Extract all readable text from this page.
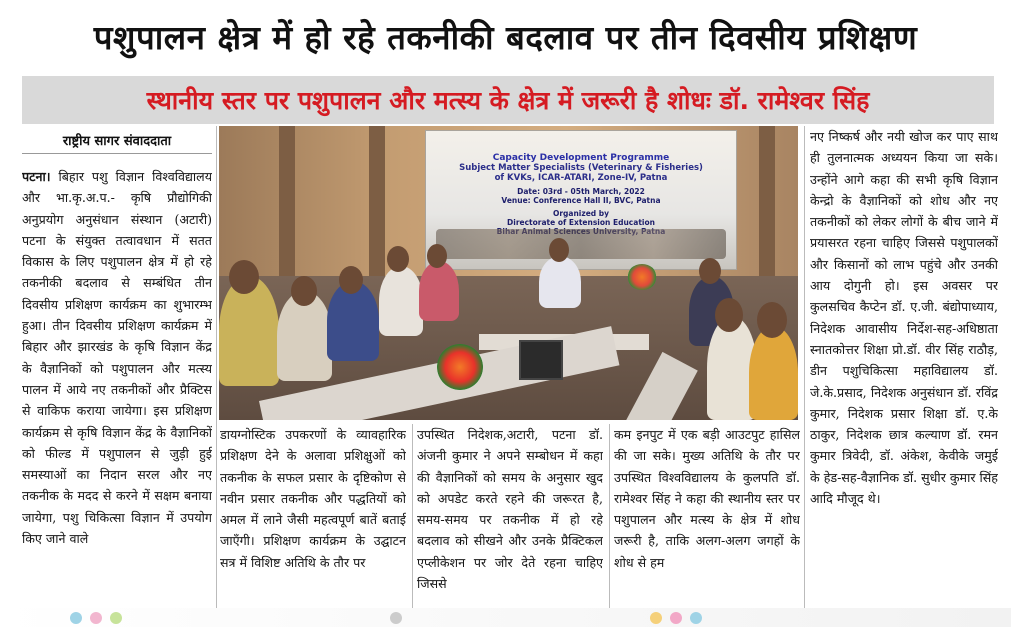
पशुपालन क्षेत्र में हो रहे तकनीकी बदलाव पर तीन दिवसीय प्रशिक्षण
स्थानीय स्तर पर पशुपालन और मत्स्य के क्षेत्र में जरूरी है शोधः डॉ. रामेश्वर सिंह
राष्ट्रीय सागर संवाददाता
पटना। बिहार पशु विज्ञान विश्वविद्यालय और भा.कृ.अ.प.- कृषि प्रौद्योगिकी अनुप्रयोग अनुसंधान संस्थान (अटारी) पटना के संयुक्त तत्वावधान में सतत विकास के लिए पशुपालन क्षेत्र में हो रहे तकनीकी बदलाव से सम्बंधित तीन दिवसीय प्रशिक्षण कार्यक्रम का शुभारम्भ हुआ। तीन दिवसीय प्रशिक्षण कार्यक्रम में बिहार और झारखंड के कृषि विज्ञान केंद्र के वैज्ञानिकों को पशुपालन और मत्स्य पालन में आये नए तकनीकों और प्रैक्टिस से वाकिफ कराया जायेगा। इस प्रशिक्षण कार्यक्रम से कृषि विज्ञान केंद्र के वैज्ञानिकों को फील्ड में पशुपालन से जुड़ी हुई समस्याओं का निदान सरल और नए तकनीक के मदद से करने में सक्षम बनाया जायेगा, पशु चिकित्सा विज्ञान में उपयोग किए जाने वाले
Capacity Development Programme
Subject Matter Specialists (Veterinary & Fisheries)
of KVKs, ICAR-ATARI, Zone-IV, Patna
Date: 03rd - 05th March, 2022
Venue: Conference Hall II, BVC, Patna
Organized by
Directorate of Extension Education
डायग्नोस्टिक उपकरणों के व्यावहारिक प्रशिक्षण देने के अलावा प्रशिक्षुओं को तकनीक के सफल प्रसार के दृष्टिकोण से नवीन प्रसार तकनीक और पद्धतियों को अमल में लाने जैसी महत्वपूर्ण बातें बताई जाएँगी। प्रशिक्षण कार्यक्रम के उद्घाटन सत्र में विशिष्ट अतिथि के तौर पर
उपस्थित निदेशक,अटारी, पटना डॉ. अंजनी कुमार ने अपने सम्बोधन में कहा की वैज्ञानिकों को समय के अनुसार खुद को अपडेट करते रहने की जरूरत है, समय-समय पर तकनीक में हो रहे बदलाव को सीखने और उनके प्रैक्टिकल एप्लीकेशन पर जोर देते रहना चाहिए जिससे
कम इनपुट में एक बड़ी आउटपुट हासिल की जा सके। मुख्य अतिथि के तौर पर उपस्थित विश्वविद्यालय के कुलपति डॉ. रामेश्वर सिंह ने कहा की स्थानीय स्तर पर पशुपालन और मत्स्य के क्षेत्र में शोध जरूरी है, ताकि अलग-अलग जगहों के शोध से हम
नए निष्कर्ष और नयी खोज कर पाए साथ ही तुलनात्मक अध्ययन किया जा सके। उन्होंने आगे कहा की सभी कृषि विज्ञान केन्द्रो के वैज्ञानिकों को शोध और नए तकनीकों को लेकर लोगों के बीच जाने में प्रयासरत रहना चाहिए जिससे पशुपालकों और किसानों को लाभ पहुंचे और उनकी आय दोगुनी हो। इस अवसर पर कुलसचिव कैप्टेन डॉ. ए.जी. बंद्योपाध्याय, निदेशक आवासीय निर्देश-सह-अधिष्ठाता स्नातकोत्तर शिक्षा प्रो.डॉ. वीर सिंह राठौड़, डीन पशुचिकित्सा महाविद्यालय डॉ. जे.के.प्रसाद, निदेशक अनुसंधान डॉ. रविंद्र कुमार, निदेशक प्रसार शिक्षा डॉ. ए.के ठाकुर, निदेशक छात्र कल्याण डॉ. रमन कुमार त्रिवेदी, डॉ. अंकेश, केवीके जमुई के हेड-सह-वैज्ञानिक डॉ. सुधीर कुमार सिंह आदि मौजूद थे।
